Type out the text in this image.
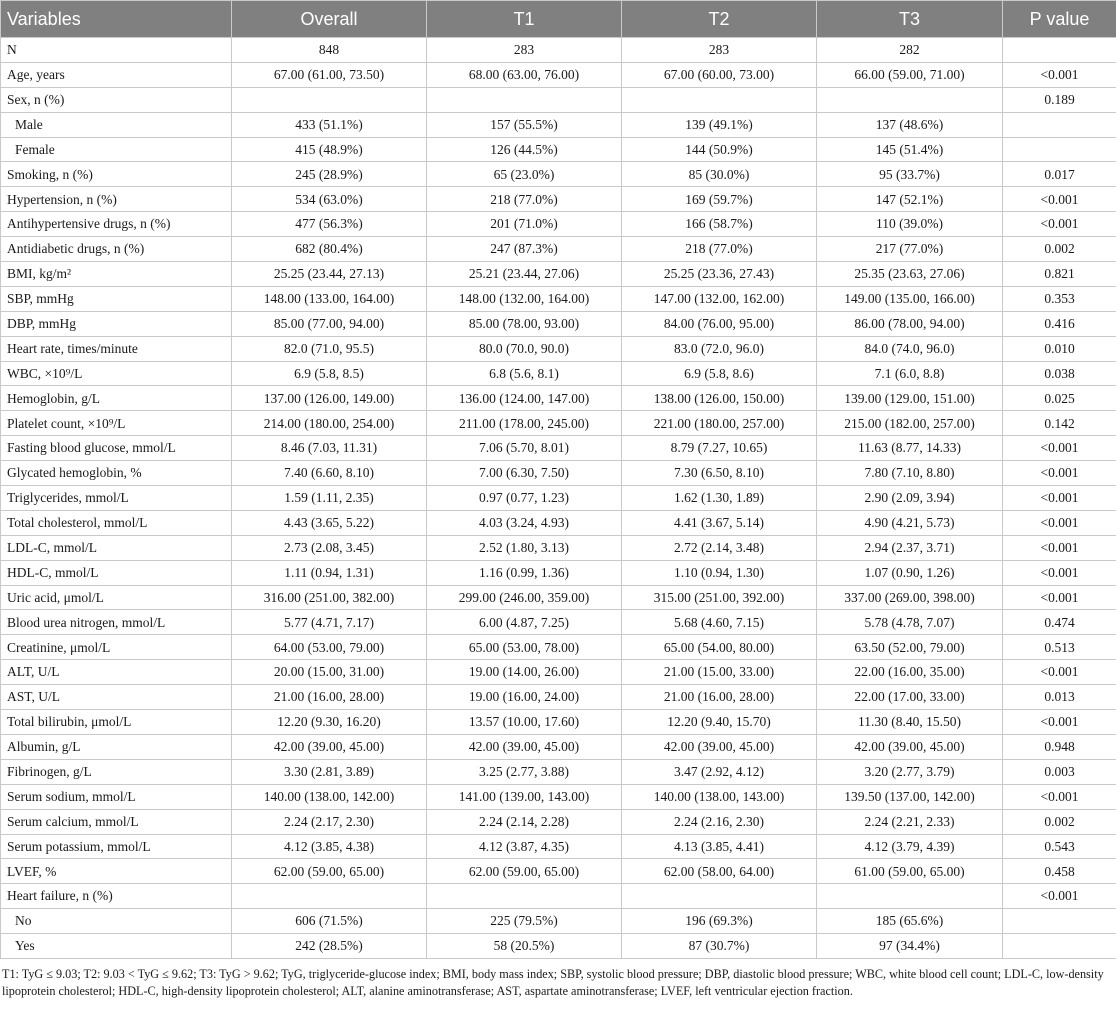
Variables	Overall	T1	T2	T3	P value
N	848	283	283	282	
Age, years	67.00 (61.00, 73.50)	68.00 (63.00, 76.00)	67.00 (60.00, 73.00)	66.00 (59.00, 71.00)	<0.001
Sex, n (%)					0.189
Male	433 (51.1%)	157 (55.5%)	139 (49.1%)	137 (48.6%)	
Female	415 (48.9%)	126 (44.5%)	144 (50.9%)	145 (51.4%)	
Smoking, n (%)	245 (28.9%)	65 (23.0%)	85 (30.0%)	95 (33.7%)	0.017
Hypertension, n (%)	534 (63.0%)	218 (77.0%)	169 (59.7%)	147 (52.1%)	<0.001
Antihypertensive drugs, n (%)	477 (56.3%)	201 (71.0%)	166 (58.7%)	110 (39.0%)	<0.001
Antidiabetic drugs, n (%)	682 (80.4%)	247 (87.3%)	218 (77.0%)	217 (77.0%)	0.002
BMI, kg/m²	25.25 (23.44, 27.13)	25.21 (23.44, 27.06)	25.25 (23.36, 27.43)	25.35 (23.63, 27.06)	0.821
SBP, mmHg	148.00 (133.00, 164.00)	148.00 (132.00, 164.00)	147.00 (132.00, 162.00)	149.00 (135.00, 166.00)	0.353
DBP, mmHg	85.00 (77.00, 94.00)	85.00 (78.00, 93.00)	84.00 (76.00, 95.00)	86.00 (78.00, 94.00)	0.416
Heart rate, times/minute	82.0 (71.0, 95.5)	80.0 (70.0, 90.0)	83.0 (72.0, 96.0)	84.0 (74.0, 96.0)	0.010
WBC, ×10⁹/L	6.9 (5.8, 8.5)	6.8 (5.6, 8.1)	6.9 (5.8, 8.6)	7.1 (6.0, 8.8)	0.038
Hemoglobin, g/L	137.00 (126.00, 149.00)	136.00 (124.00, 147.00)	138.00 (126.00, 150.00)	139.00 (129.00, 151.00)	0.025
Platelet count, ×10⁹/L	214.00 (180.00, 254.00)	211.00 (178.00, 245.00)	221.00 (180.00, 257.00)	215.00 (182.00, 257.00)	0.142
Fasting blood glucose, mmol/L	8.46 (7.03, 11.31)	7.06 (5.70, 8.01)	8.79 (7.27, 10.65)	11.63 (8.77, 14.33)	<0.001
Glycated hemoglobin, %	7.40 (6.60, 8.10)	7.00 (6.30, 7.50)	7.30 (6.50, 8.10)	7.80 (7.10, 8.80)	<0.001
Triglycerides, mmol/L	1.59 (1.11, 2.35)	0.97 (0.77, 1.23)	1.62 (1.30, 1.89)	2.90 (2.09, 3.94)	<0.001
Total cholesterol, mmol/L	4.43 (3.65, 5.22)	4.03 (3.24, 4.93)	4.41 (3.67, 5.14)	4.90 (4.21, 5.73)	<0.001
LDL-C, mmol/L	2.73 (2.08, 3.45)	2.52 (1.80, 3.13)	2.72 (2.14, 3.48)	2.94 (2.37, 3.71)	<0.001
HDL-C, mmol/L	1.11 (0.94, 1.31)	1.16 (0.99, 1.36)	1.10 (0.94, 1.30)	1.07 (0.90, 1.26)	<0.001
Uric acid, μmol/L	316.00 (251.00, 382.00)	299.00 (246.00, 359.00)	315.00 (251.00, 392.00)	337.00 (269.00, 398.00)	<0.001
Blood urea nitrogen, mmol/L	5.77 (4.71, 7.17)	6.00 (4.87, 7.25)	5.68 (4.60, 7.15)	5.78 (4.78, 7.07)	0.474
Creatinine, μmol/L	64.00 (53.00, 79.00)	65.00 (53.00, 78.00)	65.00 (54.00, 80.00)	63.50 (52.00, 79.00)	0.513
ALT, U/L	20.00 (15.00, 31.00)	19.00 (14.00, 26.00)	21.00 (15.00, 33.00)	22.00 (16.00, 35.00)	<0.001
AST, U/L	21.00 (16.00, 28.00)	19.00 (16.00, 24.00)	21.00 (16.00, 28.00)	22.00 (17.00, 33.00)	0.013
Total bilirubin, μmol/L	12.20 (9.30, 16.20)	13.57 (10.00, 17.60)	12.20 (9.40, 15.70)	11.30 (8.40, 15.50)	<0.001
Albumin, g/L	42.00 (39.00, 45.00)	42.00 (39.00, 45.00)	42.00 (39.00, 45.00)	42.00 (39.00, 45.00)	0.948
Fibrinogen, g/L	3.30 (2.81, 3.89)	3.25 (2.77, 3.88)	3.47 (2.92, 4.12)	3.20 (2.77, 3.79)	0.003
Serum sodium, mmol/L	140.00 (138.00, 142.00)	141.00 (139.00, 143.00)	140.00 (138.00, 143.00)	139.50 (137.00, 142.00)	<0.001
Serum calcium, mmol/L	2.24 (2.17, 2.30)	2.24 (2.14, 2.28)	2.24 (2.16, 2.30)	2.24 (2.21, 2.33)	0.002
Serum potassium, mmol/L	4.12 (3.85, 4.38)	4.12 (3.87, 4.35)	4.13 (3.85, 4.41)	4.12 (3.79, 4.39)	0.543
LVEF, %	62.00 (59.00, 65.00)	62.00 (59.00, 65.00)	62.00 (58.00, 64.00)	61.00 (59.00, 65.00)	0.458
Heart failure, n (%)					<0.001
No	606 (71.5%)	225 (79.5%)	196 (69.3%)	185 (65.6%)	
Yes	242 (28.5%)	58 (20.5%)	87 (30.7%)	97 (34.4%)	

T1: TyG ≤ 9.03; T2: 9.03 < TyG ≤ 9.62; T3: TyG > 9.62; TyG, triglyceride-glucose index; BMI, body mass index; SBP, systolic blood pressure; DBP, diastolic blood pressure; WBC, white blood cell count; LDL-C, low-density lipoprotein cholesterol; HDL-C, high-density lipoprotein cholesterol; ALT, alanine aminotransferase; AST, aspartate aminotransferase; LVEF, left ventricular ejection fraction.
